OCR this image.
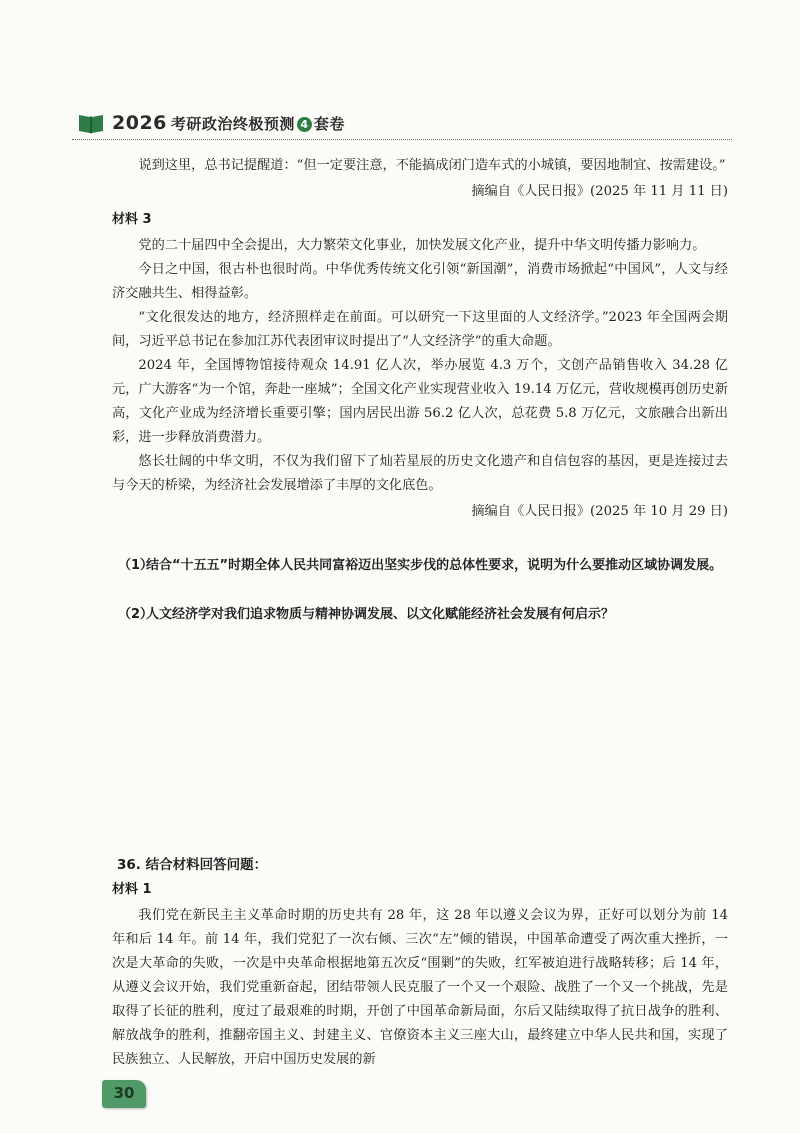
2026 考研政治终极预测 4 套卷

说到这里，总书记提醒道：“但一定要注意，不能搞成闭门造车式的小城镇，要因地制宜、按需建设。”

摘编自《人民日报》(2025 年 11 月 11 日)
材料 3

党的二十届四中全会提出，大力繁荣文化事业，加快发展文化产业，提升中华文明传播力影响力。

今日之中国，很古朴也很时尚。中华优秀传统文化引领“新国潮”，消费市场掀起“中国风”，人文与经济交融共生、相得益彰。

“文化很发达的地方，经济照样走在前面。可以研究一下这里面的人文经济学。”2023 年全国两会期间，习近平总书记在参加江苏代表团审议时提出了“人文经济学”的重大命题。

2024 年，全国博物馆接待观众 14.91 亿人次，举办展览 4.3 万个，文创产品销售收入 34.28 亿元，广大游客“为一个馆，奔赴一座城”；全国文化产业实现营业收入 19.14 万亿元，营收规模再创历史新高，文化产业成为经济增长重要引擎；国内居民出游 56.2 亿人次，总花费 5.8 万亿元，文旅融合出新出彩，进一步释放消费潜力。

悠长壮阔的中华文明，不仅为我们留下了灿若星辰的历史文化遗产和自信包容的基因，更是连接过去与今天的桥梁，为经济社会发展增添了丰厚的文化底色。

摘编自《人民日报》(2025 年 10 月 29 日)
（1）
结合“十五五”时期全体人民共同富裕迈出坚实步伐的总体性要求，说明为什么要推动区域协调发展。
（2）
人文经济学对我们追求物质与精神协调发展、以文化赋能经济社会发展有何启示？
36. 结合材料回答问题：
材料 1

我们党在新民主主义革命时期的历史共有 28 年，这 28 年以遵义会议为界，正好可以划分为前 14 年和后 14 年。前 14 年，我们党犯了一次右倾、三次“左”倾的错误，中国革命遭受了两次重大挫折，一次是大革命的失败，一次是中央革命根据地第五次反“围剿”的失败，红军被迫进行战略转移；后 14 年，从遵义会议开始，我们党重新奋起，团结带领人民克服了一个又一个艰险、战胜了一个又一个挑战，先是取得了长征的胜利，度过了最艰难的时期，开创了中国革命新局面，尔后又陆续取得了抗日战争的胜利、解放战争的胜利，推翻帝国主义、封建主义、官僚资本主义三座大山，最终建立中华人民共和国，实现了民族独立、人民解放，开启中国历史发展的新

30
